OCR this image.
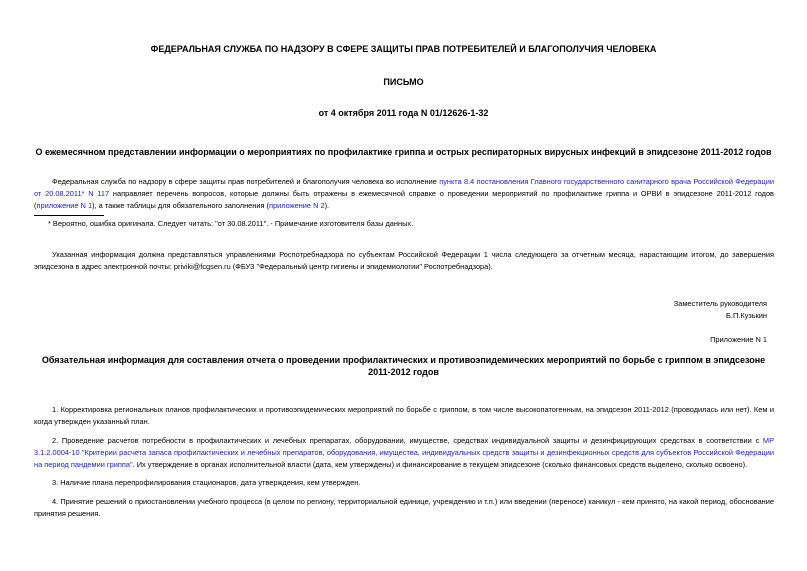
ФЕДЕРАЛЬНАЯ СЛУЖБА ПО НАДЗОРУ В СФЕРЕ ЗАЩИТЫ ПРАВ ПОТРЕБИТЕЛЕЙ И БЛАГОПОЛУЧИЯ ЧЕЛОВЕКА
ПИСЬМО
от 4 октября 2011 года N 01/12626-1-32
О ежемесячном представлении информации о мероприятиях по профилактике гриппа и острых респираторных вирусных инфекций в эпидсезоне 2011-2012 годов
Федеральная служба по надзору в сфере защиты прав потребителей и благополучия человека во исполнение пункта 8.4 постановления Главного государственного санитарного врача Российской Федерации от 20.08.2011* N 117 направляет перечень вопросов, которые должны быть отражены в ежемесячной справке о проведении мероприятий по профилактике гриппа и ОРВИ в эпидсезоне 2011-2012 годов (приложение N 1), а также таблицы для обязательного заполнения (приложение N 2).
* Вероятно, ошибка оригинала. Следует читать: "от 30.08.2011". - Примечание изготовителя базы данных.
Указанная информация должна представляться управлениями Роспотребнадзора по субъектам Российской Федерации 1 числа следующего за отчетным месяца, нарастающим итогом, до завершения эпидсезона в адрес электронной почты: priviki@fcgsen.ru (ФБУЗ "Федеральный центр гигиены и эпидемиологии" Роспотребнадзора).
Заместитель руководителя
Б.П.Кузькин
Приложение N 1
Обязательная информация для составления отчета о проведении профилактических и противоэпидемических мероприятий по борьбе с гриппом в эпидсезоне 2011-2012 годов
1. Корректировка региональных планов профилактических и противоэпидемических мероприятий по борьбе с гриппом, в том числе высокопатогенным, на эпидсезон 2011-2012 (проводилась или нет). Кем и когда утвержден указанный план.
2. Проведение расчетов потребности в профилактических и лечебных препаратах, оборудовании, имуществе, средствах индивидуальной защиты и дезинфицирующих средствах в соответствии с МР 3.1.2.0004-10 "Критерии расчета запаса профилактических и лечебных препаратов, оборудования, имущества, индивидуальных средств защиты и дезинфекционных средств для субъектов Российской Федерации на период пандемии гриппа". Их утверждение в органах исполнительной власти (дата, кем утверждены) и финансирование в текущем эпидсезоне (сколько финансовых средств выделено, сколько освоено).
3. Наличие плана перепрофилирования стационаров, дата утверждения, кем утвержден.
4. Принятие решений о приостановлении учебного процесса (в целом по региону, территориальной единице, учреждению и т.п.) или введении (переносе) каникул - кем принято, на какой период, обоснование принятия решения.
